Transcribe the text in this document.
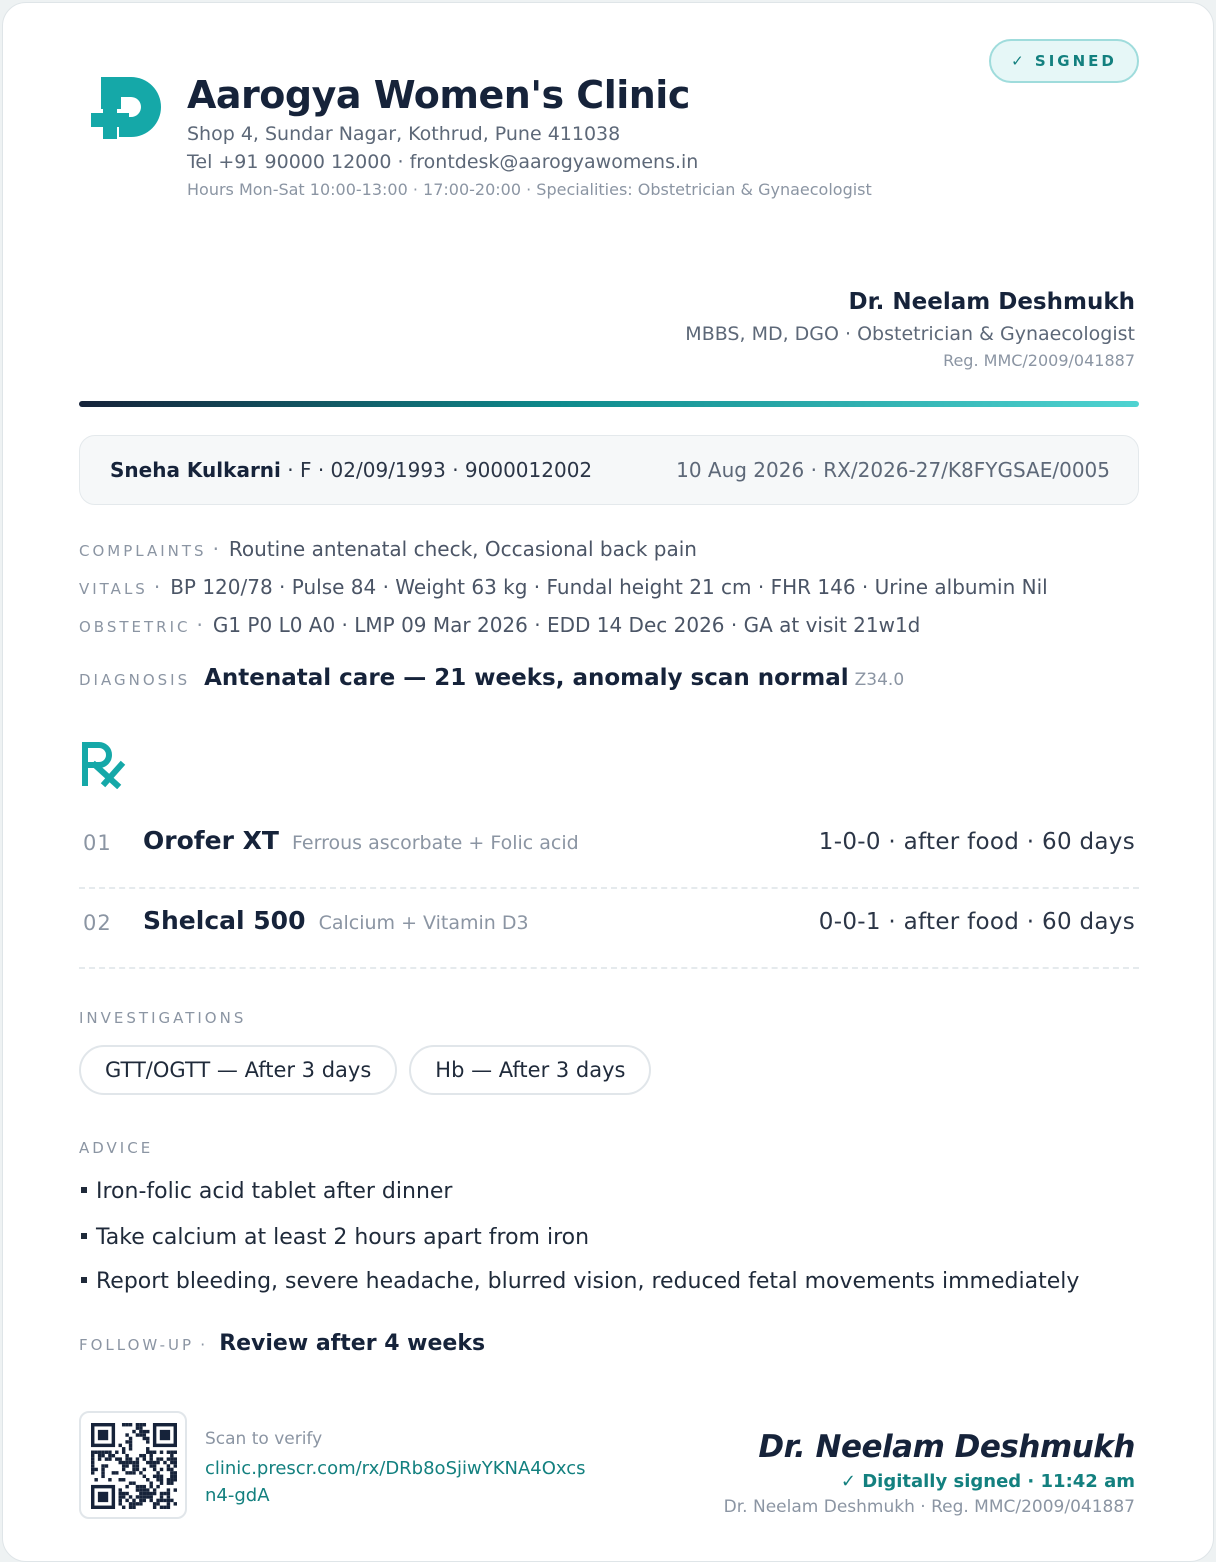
Aarogya Women's Clinic
Shop 4, Sundar Nagar, Kothrud, Pune 411038
Tel +91 90000 12000 · frontdesk@aarogyawomens.in
Hours Mon-Sat 10:00-13:00 · 17:00-20:00 · Specialities: Obstetrician & Gynaecologist
✓ SIGNED
Dr. Neelam Deshmukh
MBBS, MD, DGO · Obstetrician & Gynaecologist
Reg. MMC/2009/041887
Sneha Kulkarni · F · 02/09/1993 · 9000012002	10 Aug 2026 · RX/2026-27/K8FYGSAE/0005
COMPLAINTS · Routine antenatal check, Occasional back pain
VITALS · BP 120/78 · Pulse 84 · Weight 63 kg · Fundal height 21 cm · FHR 146 · Urine albumin Nil
OBSTETRIC · G1 P0 L0 A0 · LMP 09 Mar 2026 · EDD 14 Dec 2026 · GA at visit 21w1d
DIAGNOSIS Antenatal care — 21 weeks, anomaly scan normal Z34.0
01 Orofer XT Ferrous ascorbate + Folic acid	1-0-0 · after food · 60 days
02 Shelcal 500 Calcium + Vitamin D3	0-0-1 · after food · 60 days
INVESTIGATIONS
GTT/OGTT — After 3 days	Hb — After 3 days
ADVICE
Iron-folic acid tablet after dinner
Take calcium at least 2 hours apart from iron
Report bleeding, severe headache, blurred vision, reduced fetal movements immediately
FOLLOW-UP · Review after 4 weeks
Scan to verify
clinic.prescr.com/rx/DRb8oSjiwYKNA4Oxcsn4-gdA
Dr. Neelam Deshmukh
✓ Digitally signed · 11:42 am
Dr. Neelam Deshmukh · Reg. MMC/2009/041887
